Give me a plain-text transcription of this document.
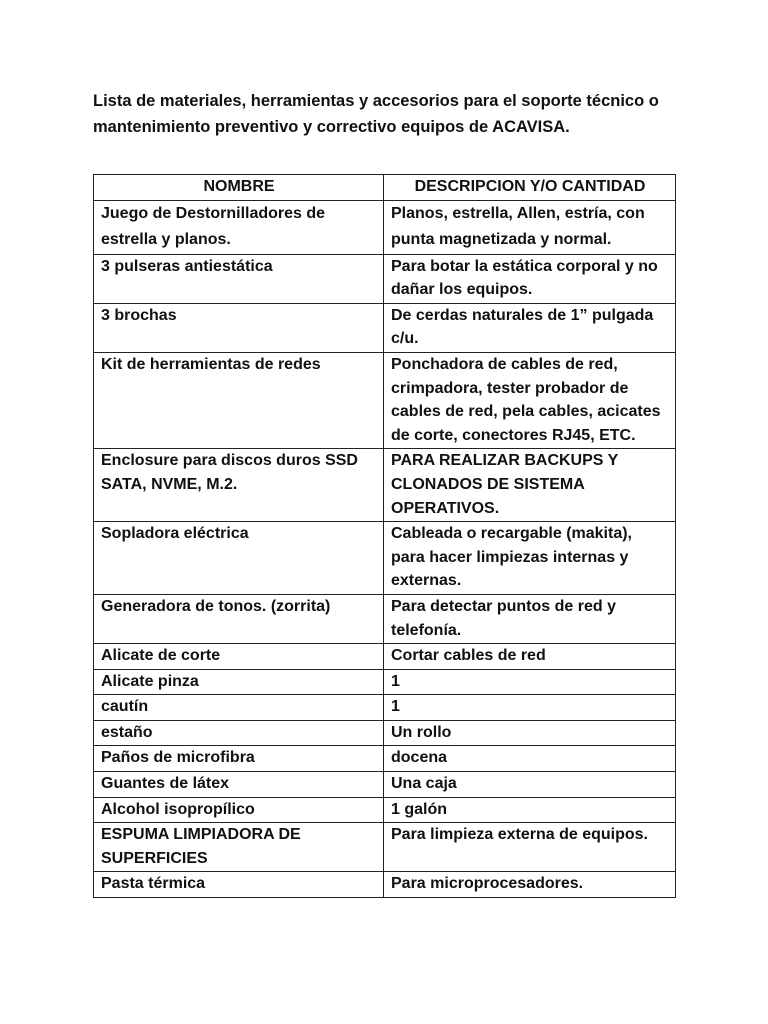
Lista de materiales, herramientas y accesorios para el soporte técnico o mantenimiento preventivo y correctivo equipos de ACAVISA.

NOMBRE	DESCRIPCION Y/O CANTIDAD
Juego de Destornilladores de estrella y planos.	Planos, estrella, Allen, estría, con punta magnetizada y normal.
3 pulseras antiestática	Para botar la estática corporal y no dañar los equipos.
3 brochas	De cerdas naturales de 1” pulgada c/u.
Kit de herramientas de redes	Ponchadora de cables de red, crimpadora, tester probador de cables de red, pela cables, acicates de corte, conectores RJ45, ETC.
Enclosure para discos duros SSD SATA, NVME, M.2.	PARA REALIZAR BACKUPS Y CLONADOS DE SISTEMA OPERATIVOS.
Sopladora eléctrica	Cableada o recargable (makita), para hacer limpiezas internas y externas.
Generadora de tonos. (zorrita)	Para detectar puntos de red y telefonía.
Alicate de corte	Cortar cables de red
Alicate pinza	1
cautín	1
estaño	Un rollo
Paños de microfibra	docena
Guantes de látex	Una caja
Alcohol isopropílico	1 galón
ESPUMA LIMPIADORA DE SUPERFICIES	Para limpieza externa de equipos.
Pasta térmica	Para microprocesadores.
